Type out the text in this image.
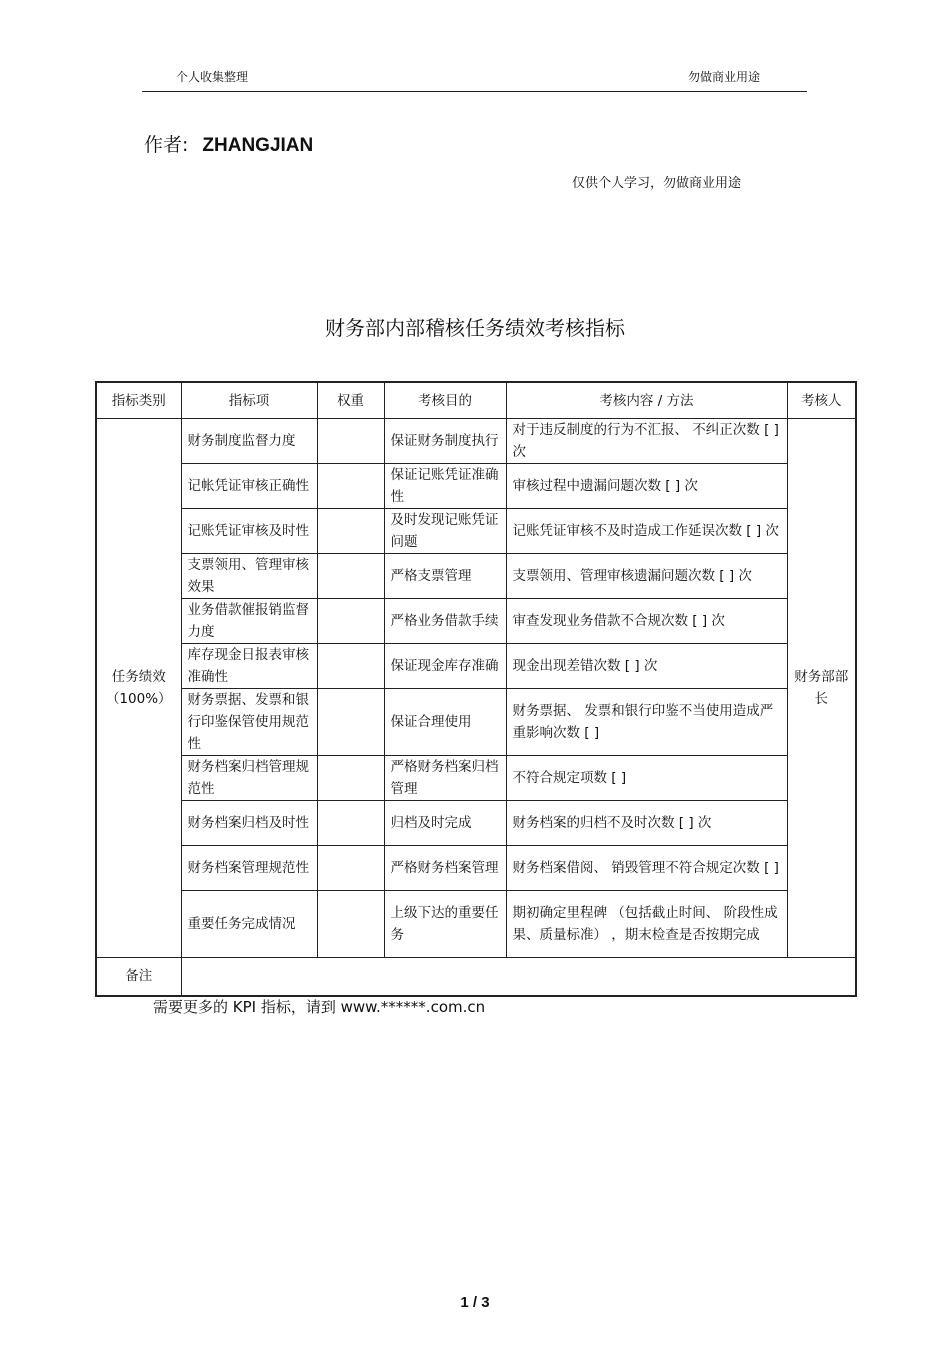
个人收集整理	勿做商业用途
作者: ZHANGJIAN
仅供个人学习，勿做商业用途
财务部内部稽核任务绩效考核指标
指标类别	指标项	权重	考核目的	考核内容 / 方法	考核人
任务绩效（100%）	财务制度监督力度		保证财务制度执行	对于违反制度的行为不汇报、 不纠正次数 [ ] 次	财务部部长
	记帐凭证审核正确性		保证记账凭证准确性	审核过程中遗漏问题次数 [ ] 次	
	记账凭证审核及时性		及时发现记账凭证问题	记账凭证审核不及时造成工作延误次数 [ ] 次	
	支票领用、管理审核效果		严格支票管理	支票领用、管理审核遗漏问题次数 [ ] 次	
	业务借款催报销监督力度		严格业务借款手续	审查发现业务借款不合规次数 [ ] 次	
	库存现金日报表审核准确性		保证现金库存准确	现金出现差错次数 [ ] 次	
	财务票据、发票和银行印鉴保管使用规范性		保证合理使用	财务票据、 发票和银行印鉴不当使用造成严重影响次数 [ ]	
	财务档案归档管理规范性		严格财务档案归档管理	不符合规定项数 [ ]	
	财务档案归档及时性		归档及时完成	财务档案的归档不及时次数 [ ] 次	
	财务档案管理规范性		严格财务档案管理	财务档案借阅、 销毁管理不符合规定次数 [ ]	
	重要任务完成情况		上级下达的重要任务	期初确定里程碑 （包括截止时间、 阶段性成果、质量标准） ，期末检查是否按期完成	
备注					
需要更多的 KPI 指标，请到 www.******.com.cn
1 / 3
